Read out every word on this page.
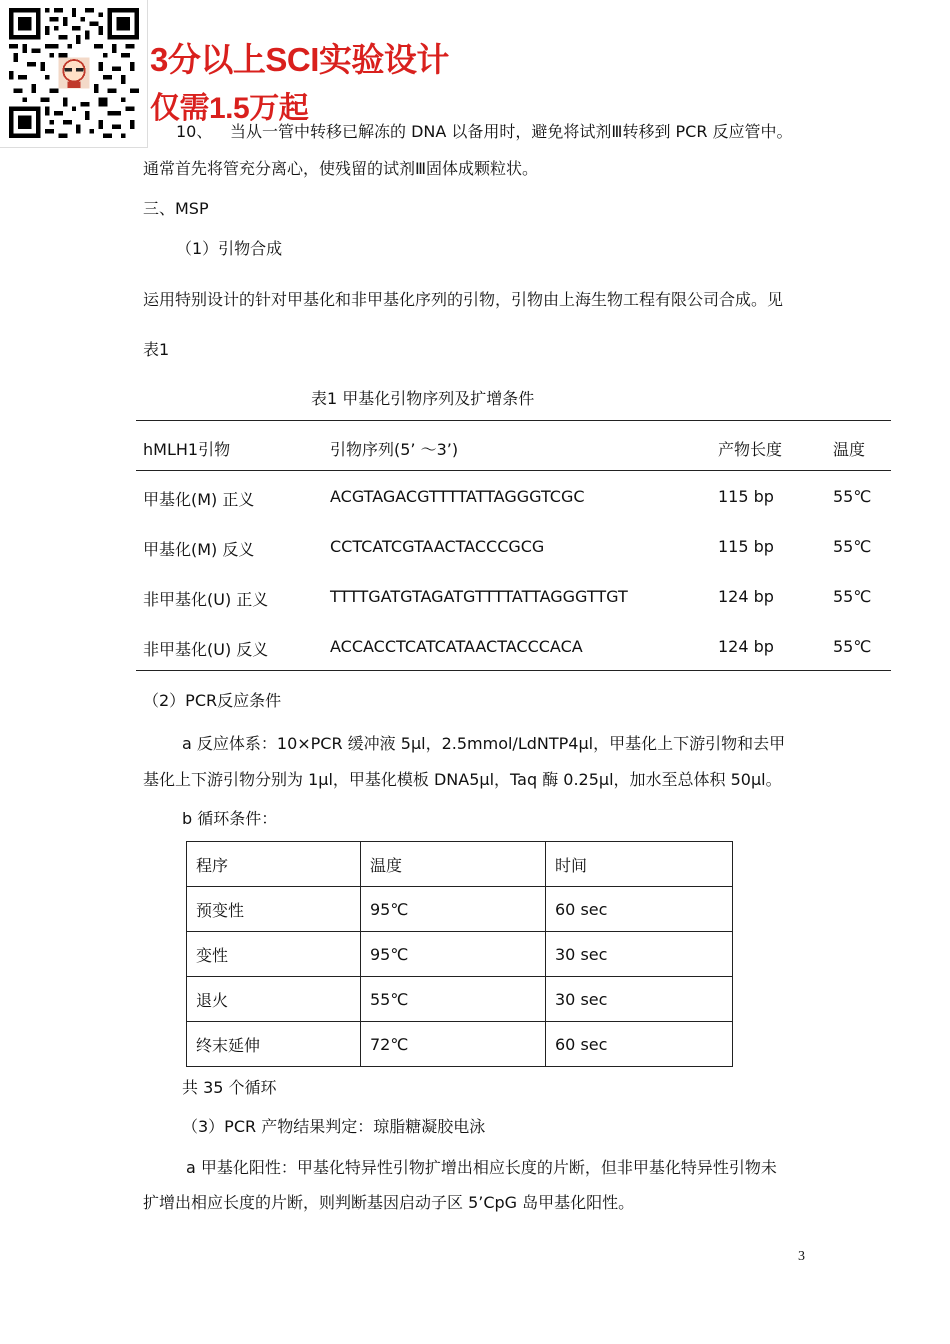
3分以上SCI实验设计
仅需1.5万起
10、 当从一管中转移已解冻的 DNA 以备用时，避免将试剂Ⅲ转移到 PCR 反应管中。
通常首先将管充分离心，使残留的试剂Ⅲ固体成颗粒状。
三、MSP
（1）引物合成
运用特别设计的针对甲基化和非甲基化序列的引物，引物由上海生物工程有限公司合成。见
表1
表1 甲基化引物序列及扩增条件
hMLH1引物	引物序列(5’ ～3’)	产物长度	温度
甲基化(M) 正义	ACGTAGACGTTTTATTAGGGTCGC	115 bp	55℃
甲基化(M) 反义	CCTCATCGTAACTACCCGCG	115 bp	55℃
非甲基化(U) 正义	TTTTGATGTAGATGTTTTATTAGGGTTGT	124 bp	55℃
非甲基化(U) 反义	ACCACCTCATCATAACTACCCACA	124 bp	55℃
（2）PCR反应条件
a 反应体系：10×PCR 缓冲液 5μl，2.5mmol/LdNTP4μl，甲基化上下游引物和去甲
基化上下游引物分别为 1μl，甲基化模板 DNA5μl，Taq 酶 0.25μl，加水至总体积 50μl。
b 循环条件：
程序	温度	时间
预变性	95℃	60 sec
变性	95℃	30 sec
退火	55℃	30 sec
终末延伸	72℃	60 sec
共 35 个循环
（3）PCR 产物结果判定：琼脂糖凝胶电泳
a 甲基化阳性：甲基化特异性引物扩增出相应长度的片断，但非甲基化特异性引物未
扩增出相应长度的片断，则判断基因启动子区 5’CpG 岛甲基化阳性。
3
